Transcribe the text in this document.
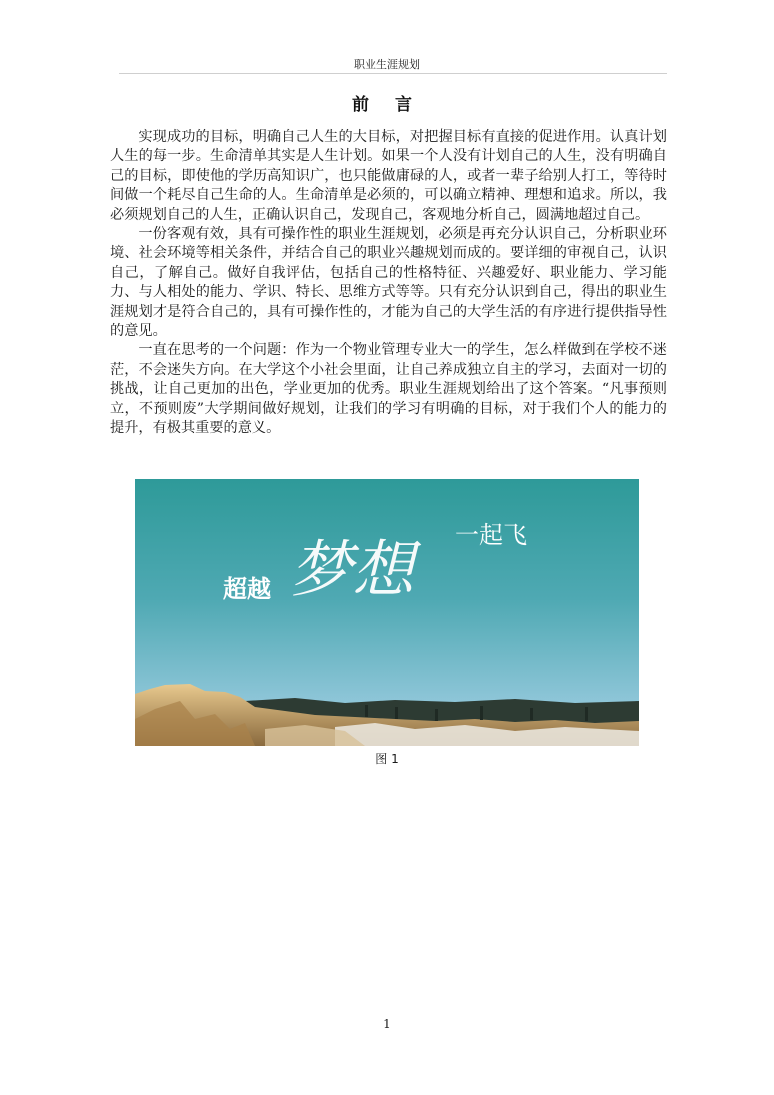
职业生涯规划
前 言

实现成功的目标，明确自己人生的大目标，对把握目标有直接的促进作用。认真计划人生的每一步。生命清单其实是人生计划。如果一个人没有计划自己的人生，没有明确自己的目标，即使他的学历高知识广，也只能做庸碌的人，或者一辈子给别人打工，等待时间做一个耗尽自己生命的人。生命清单是必须的，可以确立精神、理想和追求。所以，我必须规划自己的人生，正确认识自己，发现自己，客观地分析自己，圆满地超过自己。

一份客观有效，具有可操作性的职业生涯规划，必须是再充分认识自己，分析职业环境、社会环境等相关条件，并结合自己的职业兴趣规划而成的。要详细的审视自己，认识自己，了解自己。做好自我评估，包括自己的性格特征、兴趣爱好、职业能力、学习能力、与人相处的能力、学识、特长、思维方式等等。只有充分认识到自己，得出的职业生涯规划才是符合自己的，具有可操作性的，才能为自己的大学生活的有序进行提供指导性的意见。

一直在思考的一个问题：作为一个物业管理专业大一的学生，怎么样做到在学校不迷茫，不会迷失方向。在大学这个小社会里面，让自己养成独立自主的学习，去面对一切的挑战，让自己更加的出色，学业更加的优秀。职业生涯规划给出了这个答案。“凡事预则立，不预则废”大学期间做好规划，让我们的学习有明确的目标，对于我们个人的能力的提升，有极其重要的意义。

超越 梦想	一起飞
图 1
1
